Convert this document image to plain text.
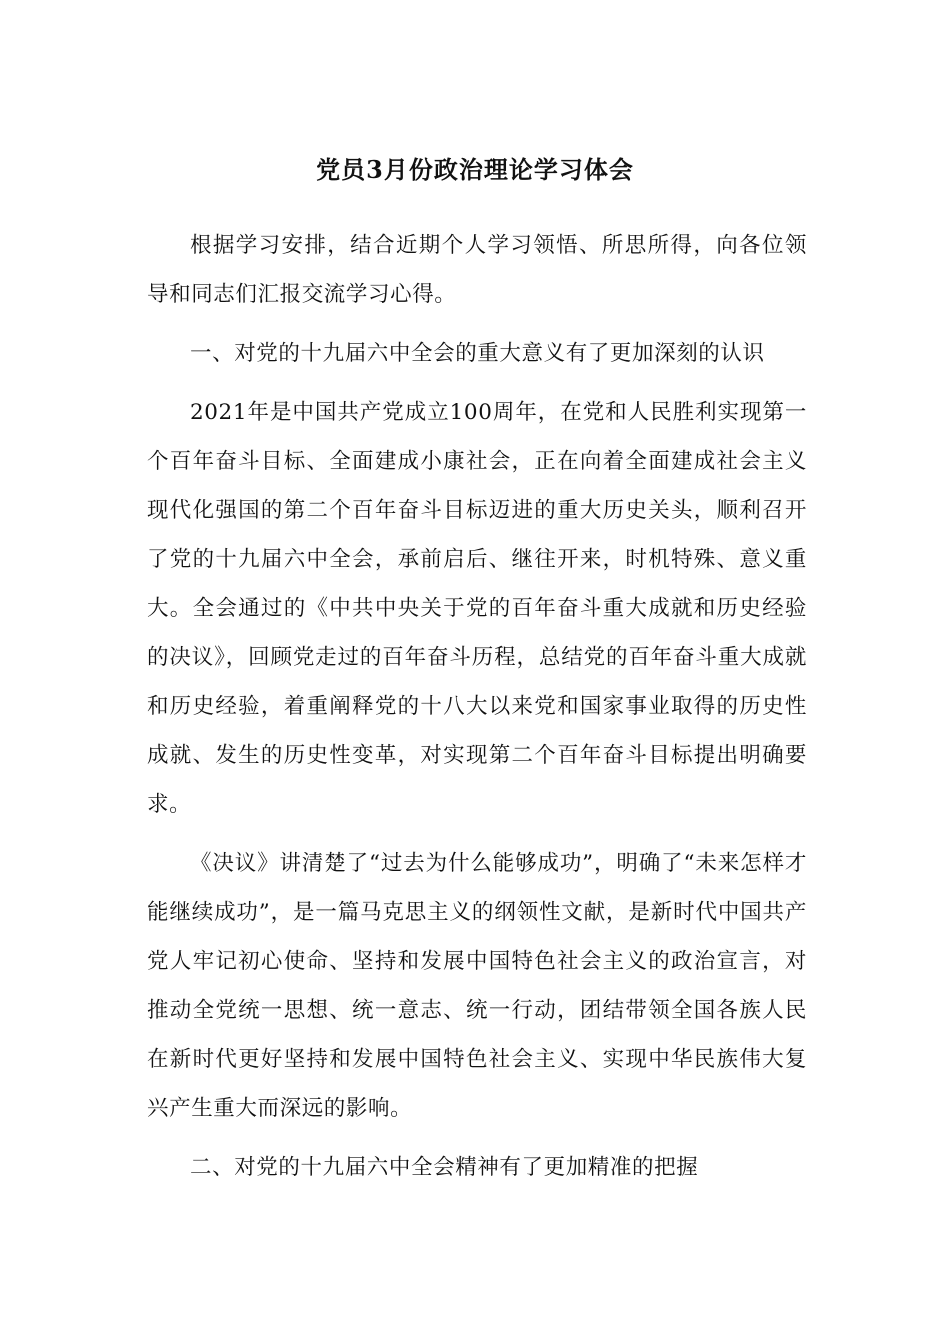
党员3月份政治理论学习体会

根据学习安排，结合近期个人学习领悟、所思所得，向各位领导和同志们汇报交流学习心得。

一、对党的十九届六中全会的重大意义有了更加深刻的认识

2021年是中国共产党成立100周年，在党和人民胜利实现第一个百年奋斗目标、全面建成小康社会，正在向着全面建成社会主义现代化强国的第二个百年奋斗目标迈进的重大历史关头，顺利召开了党的十九届六中全会，承前启后、继往开来，时机特殊、意义重大。全会通过的《中共中央关于党的百年奋斗重大成就和历史经验的决议》，回顾党走过的百年奋斗历程，总结党的百年奋斗重大成就和历史经验，着重阐释党的十八大以来党和国家事业取得的历史性成就、发生的历史性变革，对实现第二个百年奋斗目标提出明确要求。

《决议》讲清楚了“过去为什么能够成功”，明确了“未来怎样才能继续成功”，是一篇马克思主义的纲领性文献，是新时代中国共产党人牢记初心使命、坚持和发展中国特色社会主义的政治宣言，对推动全党统一思想、统一意志、统一行动，团结带领全国各族人民在新时代更好坚持和发展中国特色社会主义、实现中华民族伟大复兴产生重大而深远的影响。

二、对党的十九届六中全会精神有了更加精准的把握
